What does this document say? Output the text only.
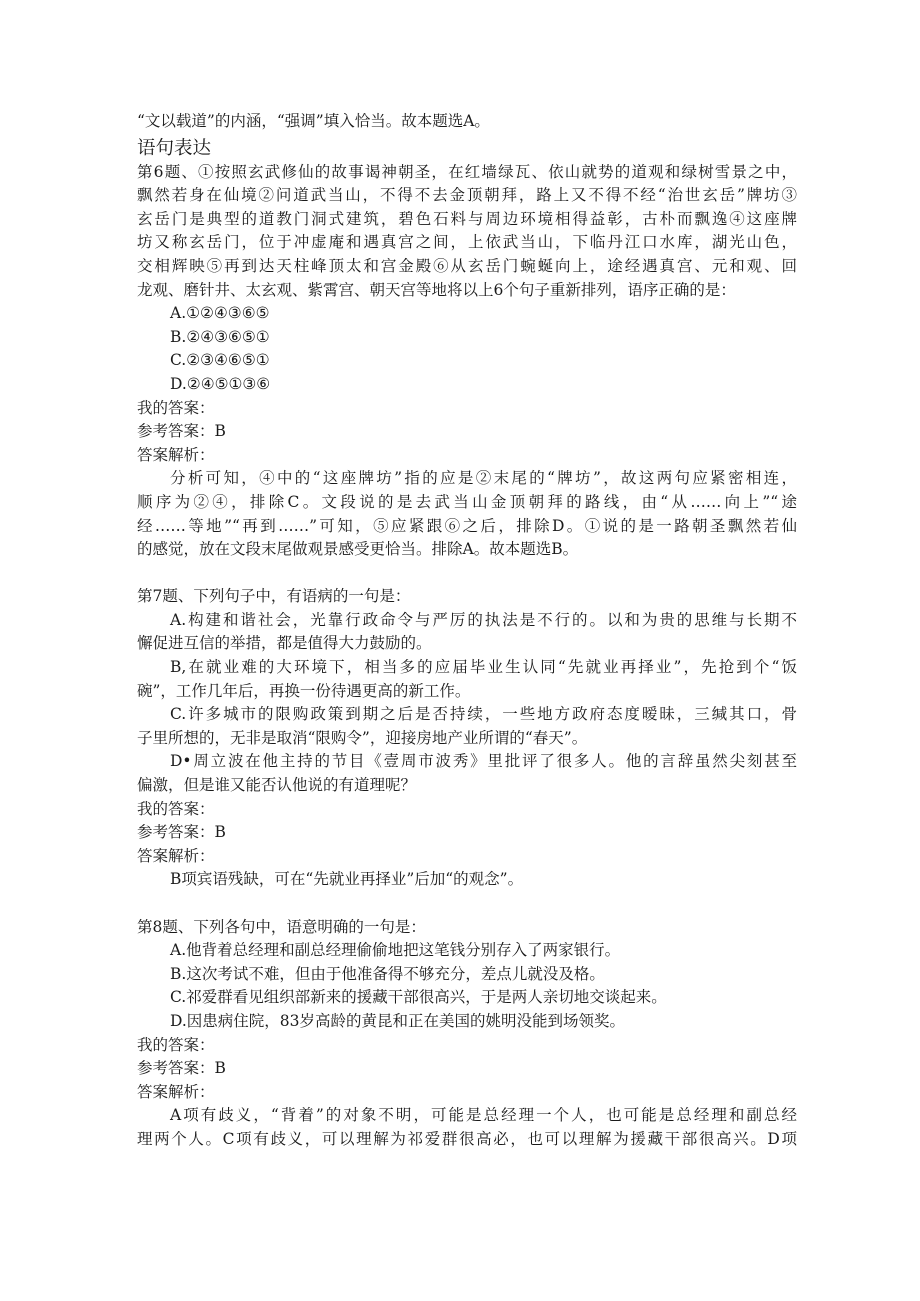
“文以载道”的内涵，“强调”填入恰当。故本题选A。
语句表达
第6题、①按照玄武修仙的故事谒神朝圣，在红墙绿瓦、依山就势的道观和绿树雪景之中，
飘然若身在仙境②问道武当山，不得不去金顶朝拜，路上又不得不经“治世玄岳”牌坊③
玄岳门是典型的道教门洞式建筑，碧色石料与周边环境相得益彰，古朴而飘逸④这座牌
坊又称玄岳门，位于冲虚庵和遇真宫之间，上依武当山，下临丹江口水库，湖光山色，
交相辉映⑤再到达天柱峰顶太和宫金殿⑥从玄岳门蜿蜒向上，途经遇真宫、元和观、回
龙观、磨针井、太玄观、紫霄宫、朝天宫等地将以上6个句子重新排列，语序正确的是：
A.①②④③⑥⑤
B.②④③⑥⑤①
C.②③④⑥⑤①
D.②④⑤①③⑥
我的答案：
参考答案：B
答案解析：
分析可知，④中的“这座牌坊”指的应是②末尾的“牌坊”，故这两句应紧密相连，
顺序为②④，排除C。文段说的是去武当山金顶朝拜的路线，由“从……向上”“途
经……等地”“再到……”可知，⑤应紧跟⑥之后，排除D。①说的是一路朝圣飘然若仙
的感觉，放在文段末尾做观景感受更恰当。排除A。故本题选B。
第7题、下列句子中，有语病的一句是：
A.构建和谐社会，光靠行政命令与严厉的执法是不行的。以和为贵的思维与长期不
懈促进互信的举措，都是值得大力鼓励的。
B,在就业难的大环境下，相当多的应届毕业生认同“先就业再择业”，先抢到个“饭
碗”，工作几年后，再换一份待遇更高的新工作。
C.许多城市的限购政策到期之后是否持续，一些地方政府态度暧昧，三缄其口，骨
子里所想的，无非是取消“限购令”，迎接房地产业所谓的“春天”。
D•周立波在他主持的节目《壹周市波秀》里批评了很多人。他的言辞虽然尖刻甚至
偏激，但是谁又能否认他说的有道理呢？
我的答案：
参考答案：B
答案解析：
B项宾语残缺，可在“先就业再择业”后加“的观念”。
第8题、下列各句中，语意明确的一句是：
A.他背着总经理和副总经理偷偷地把这笔钱分别存入了两家银行。
B.这次考试不难，但由于他准备得不够充分，差点儿就没及格。
C.祁爱群看见组织部新来的援藏干部很高兴，于是两人亲切地交谈起来。
D.因患病住院，83岁高龄的黄昆和正在美国的姚明没能到场领奖。
我的答案：
参考答案：B
答案解析：
A项有歧义，“背着”的对象不明，可能是总经理一个人，也可能是总经理和副总经
理两个人。C项有歧义，可以理解为祁爱群很高必，也可以理解为援藏干部很高兴。D项
